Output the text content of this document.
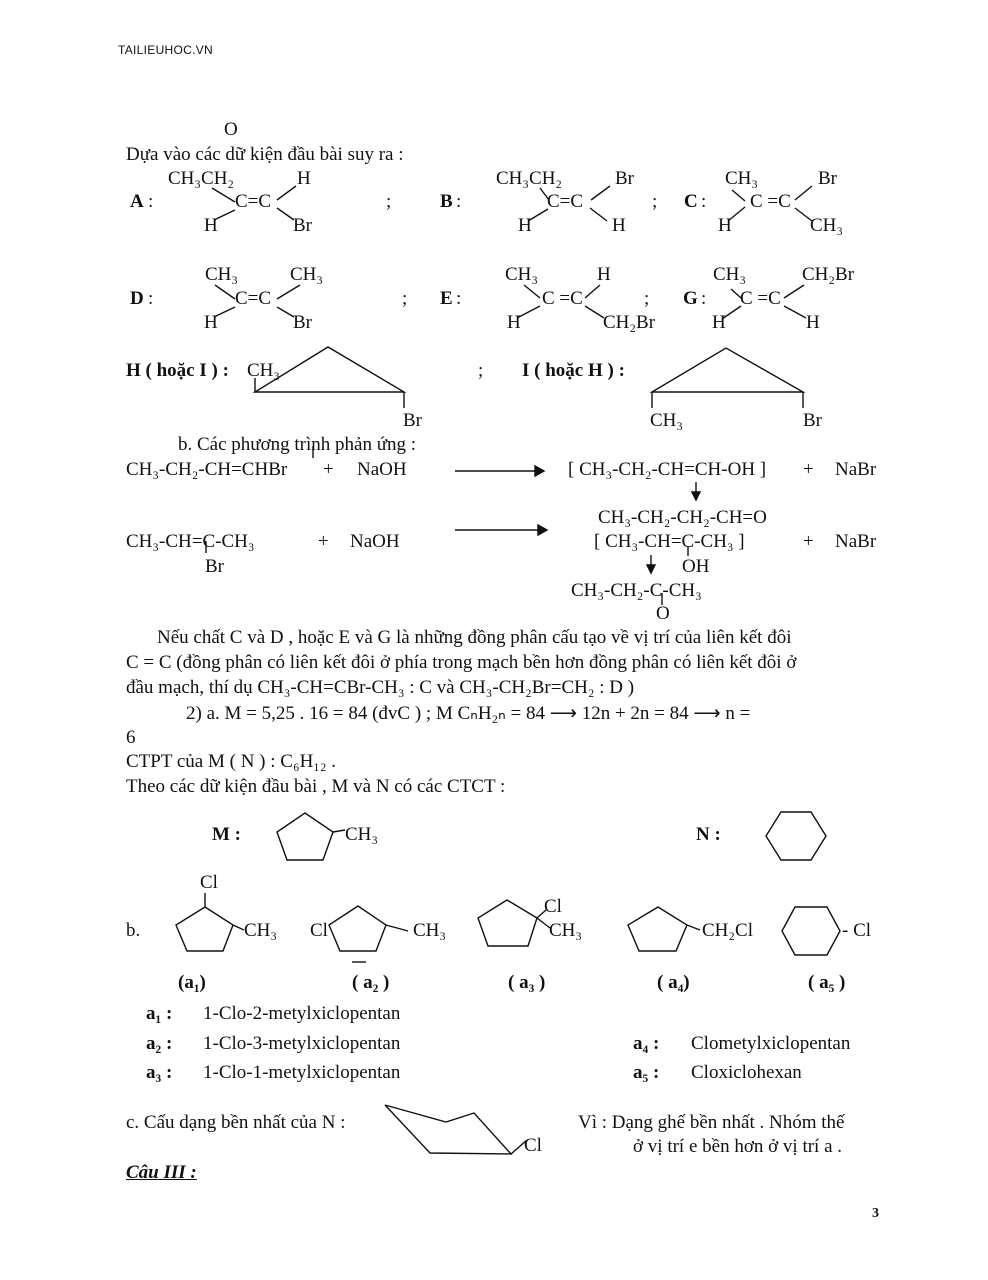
TAILIEUHOC.VN
O
Dựa vào các dữ kiện đầu bài suy ra :
A :
CH₃CH₂	H
C=C
H	Br
;	B :
CH₃CH₂	Br
C=C
H	H
; C :
CH₃	Br
C =C
H	CH₃
D :
CH₃	CH₃
C=C
H	Br
; E :
CH₃	H
C =C
H	CH₂Br
; G :
CH₃	CH₂Br
C =C
H	H
H ( hoặc I ) : CH₃
Br
; I ( hoặc H ) :
CH₃	Br
b. Các phương trình phản ứng :
CH₃-CH₂-CH=CHBr + NaOH	[ CH₃-CH₂-CH=CH-OH ] + NaBr
CH₃-CH₂-CH₂-CH=O
CH₃-CH=C-CH₃
Br
+ NaOH	[ CH₃-CH=C-CH₃ ]	+ NaBr
OH
CH₃-CH₂-C-CH₃
O
Nếu chất C và D , hoặc E và G là những đồng phân cấu tạo về vị trí của liên kết đôi
C = C (đồng phân có liên kết đôi ở phía trong mạch bền hơn đồng phân có liên kết đôi ở
đầu mạch, thí dụ CH₃-CH=CBr-CH₃ : C và CH₃-CH₂Br=CH₂ : D )
2) a. M = 5,25 . 16 = 84 (đvC ) ; M CₙH₂ₙ = 84 ⟶ 12n + 2n = 84 ⟶ n =
6
CTPT của M ( N ) : C₆H₁₂ .
Theo các dữ kiện đầu bài , M và N có các CTCT :
M :	CH₃	N :
Cl
b.	CH₃ Cl	CH₃
Cl
CH₃	CH₂Cl	- Cl
(a₁)	( a₂ )	( a₃ )	( a₄)	( a₅ )
a₁ : 1-Clo-2-metylxiclopentan
a₂ : 1-Clo-3-metylxiclopentan
a₃ : 1-Clo-1-metylxiclopentan
a₄ : Clometylxiclopentan
a₅ : Cloxiclohexan
c. Cấu dạng bền nhất của N :
Cl
Vì : Dạng ghế bền nhất . Nhóm thế
ở vị trí e bền hơn ở vị trí a .
Câu III :
3
